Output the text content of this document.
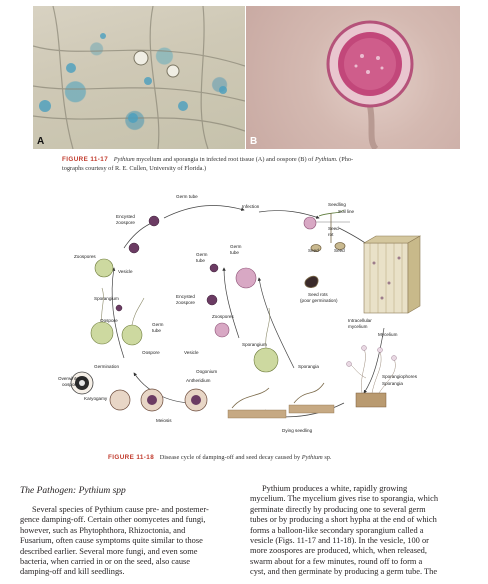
A	B
FIGURE 11-17 Pythium mycelium and sporangia in infected root tissue (A) and oospore (B) of Pythium. (Pho-
tographs courtesy of R. E. Cullen, University of Florida.)
Germ tube
Infection
Encysted
zoospore
Seedling
Soil line
Seed
rot
Seed	Seed
Zoospores
Vesicle
Germ
tube
Germ
tube
Seed rots
(poor germination)
Sporangium	Encysted
zoospore
Intracellular
mycelium
Oospore
Germ
tube
Zoospores
Mycelium
Oospore	Vesicle
Sporangium
Germination	Sporangia
Sporangiophores
Sporangia
Oogonium
Overwintering
oospore
Antheridium
Karyogamy
Meiosis
Dying seedling
FIGURE 11-18 Disease cycle of damping-off and seed decay caused by Pythium sp.
The Pathogen: Pythium spp
Several species of Pythium cause pre- and postemer-
gence damping-off. Certain other oomycetes and fungi,
however, such as Phytophthora, Rhizoctonia, and
Fusarium, often cause symptoms quite similar to those
described earlier. Several more fungi, and even some
bacteria, when carried in or on the seed, also cause
damping-off and kill seedlings.
Pythium produces a white, rapidly growing
mycelium. The mycelium gives rise to sporangia, which
germinate directly by producing one to several germ
tubes or by producing a short hypha at the end of which
forms a balloon-like secondary sporangium called a
vesicle (Figs. 11-17 and 11-18). In the vesicle, 100 or
more zoospores are produced, which, when released,
swarm about for a few minutes, round off to form a
cyst, and then germinate by producing a germ tube. The
